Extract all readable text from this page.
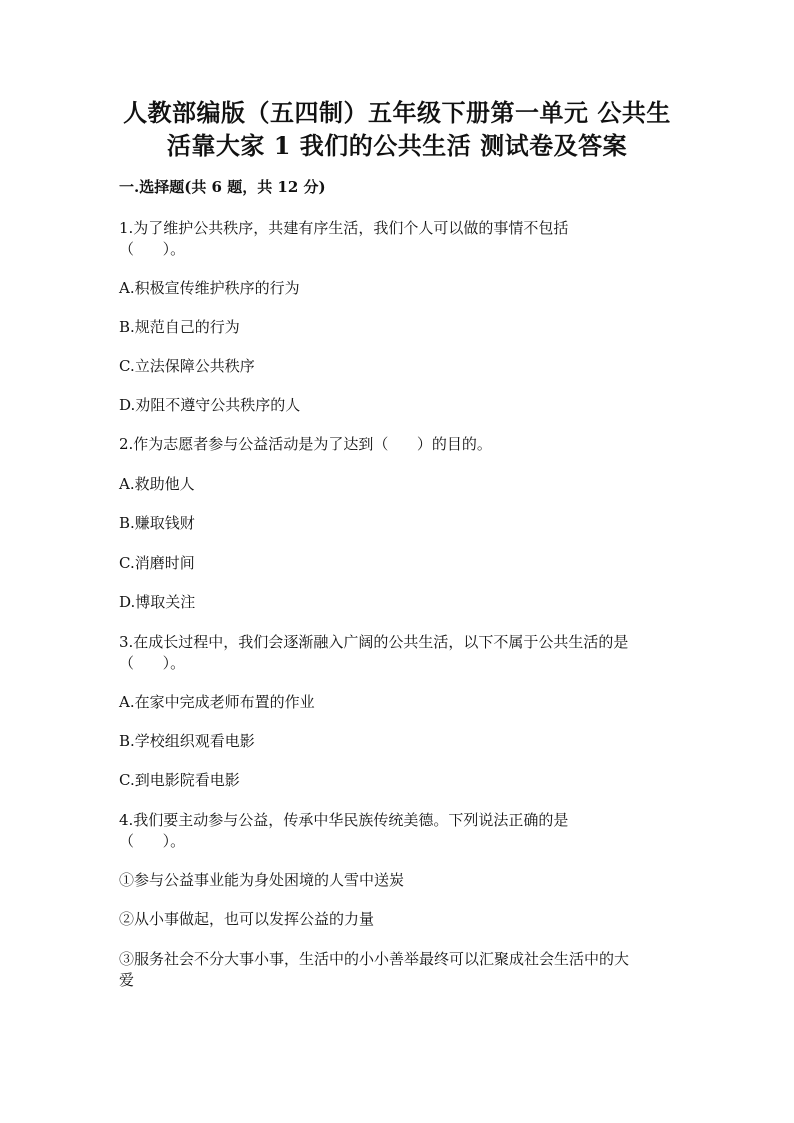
人教部编版（五四制）五年级下册第一单元 公共生
活靠大家 1 我们的公共生活 测试卷及答案
一.选择题(共 6 题，共 12 分)
1.为了维护公共秩序，共建有序生活，我们个人可以做的事情不包括
（      ）。
A.积极宣传维护秩序的行为
B.规范自己的行为
C.立法保障公共秩序
D.劝阻不遵守公共秩序的人
2.作为志愿者参与公益活动是为了达到（      ）的目的。
A.救助他人
B.赚取钱财
C.消磨时间
D.博取关注
3.在成长过程中，我们会逐渐融入广阔的公共生活，以下不属于公共生活的是
（      ）。
A.在家中完成老师布置的作业
B.学校组织观看电影
C.到电影院看电影
4.我们要主动参与公益，传承中华民族传统美德。下列说法正确的是
（      ）。
①参与公益事业能为身处困境的人雪中送炭
②从小事做起，也可以发挥公益的力量
③服务社会不分大事小事，生活中的小小善举最终可以汇聚成社会生活中的大
爱
